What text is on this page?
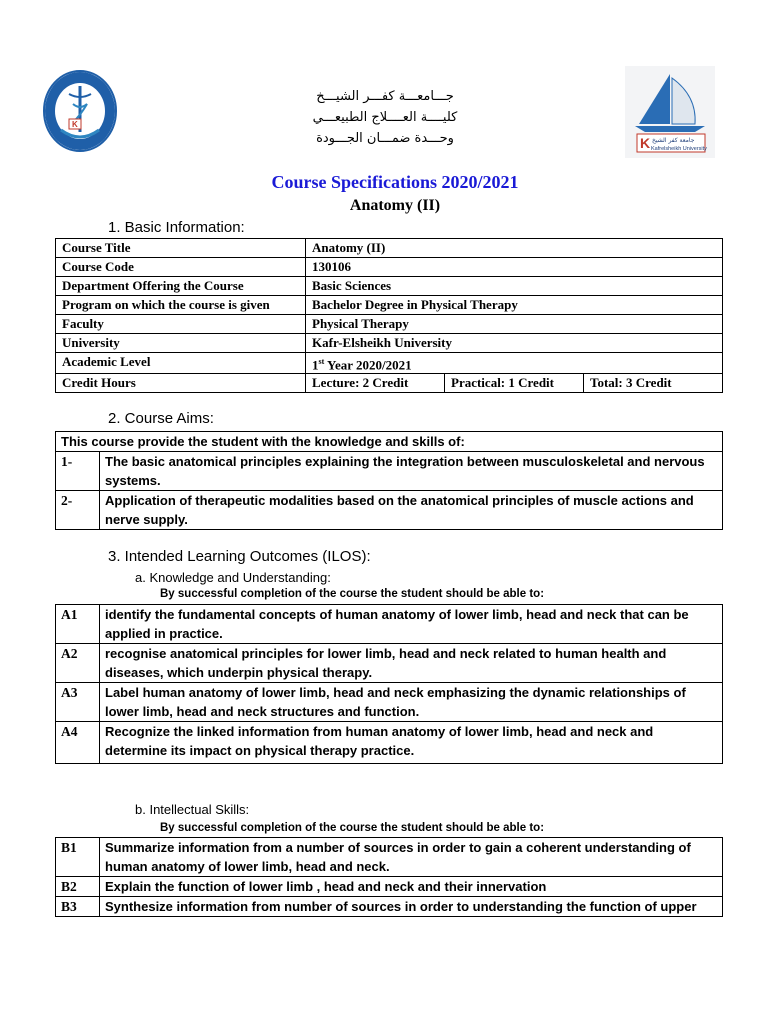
K
K جامعة كفر الشيخ
Kafrelsheikh University
جـــامعـــة كفـــر الشيـــخ
كليــــة العــــلاج الطبيعـــي
وحـــدة ضمـــان الجـــودة
Course Specifications 2020/2021
Anatomy (II)
1. Basic Information:
Course Title	Anatomy (II)		
Course Code	130106		
Department Offering the Course	Basic Sciences		
Program on which the course is given	Bachelor Degree in Physical Therapy		
Faculty	Physical Therapy		
University	Kafr-Elsheikh University		
Academic Level	1st Year 2020/2021		
Credit Hours	Lecture: 2 Credit	Practical: 1 Credit	Total: 3 Credit
2. Course Aims:
This course provide the student with the knowledge and skills of:	
1-	The basic anatomical principles explaining the integration between musculoskeletal and nervous systems.
2-	Application of therapeutic modalities based on the anatomical principles of muscle actions and nerve supply.
3. Intended Learning Outcomes (ILOS):
a. Knowledge and Understanding:
By successful completion of the course the student should be able to:
A1	identify the fundamental concepts of human anatomy of lower limb, head and neck that can be applied in practice.
A2	recognise anatomical principles for lower limb, head and neck related to human health and diseases, which underpin physical therapy.
A3	Label human anatomy of lower limb, head and neck emphasizing the dynamic relationships of lower limb, head and neck structures and function.
A4	Recognize the linked information from human anatomy of lower limb, head and neck and determine its impact on physical therapy practice.
b. Intellectual Skills:
By successful completion of the course the student should be able to:
B1	Summarize information from a number of sources in order to gain a coherent understanding of human anatomy of lower limb, head and neck.
B2	Explain the function of lower limb , head and neck and their innervation
B3	Synthesize information from number of sources in order to understanding the function of upper
